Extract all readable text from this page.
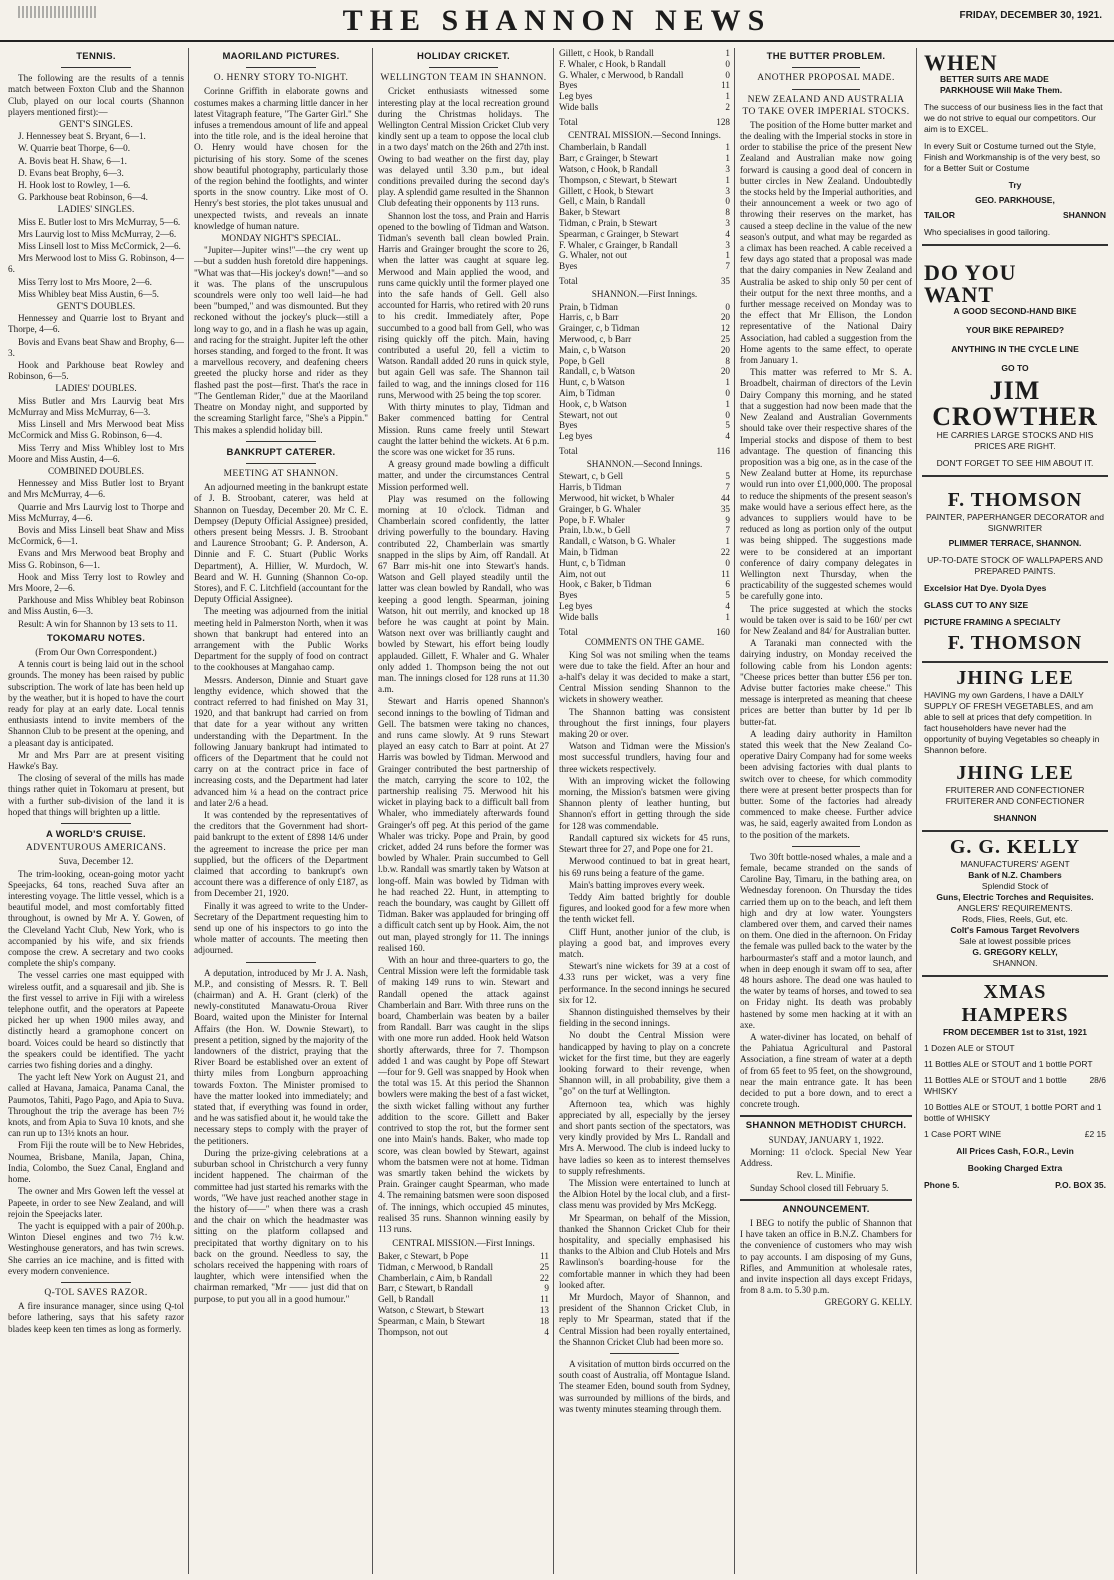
THE SHANNON NEWS	FRIDAY, DECEMBER 30, 1921.
TENNIS.

The following are the results of a tennis match between Foxton Club and the Shannon Club, played on our local courts (Shannon players mentioned first):—

GENT'S SINGLES.

J. Hennessey beat S. Bryant, 6—1.

W. Quarrie beat Thorpe, 6—0.

A. Bovis beat H. Shaw, 6—1.

D. Evans beat Brophy, 6—3.

H. Hook lost to Rowley, 1—6.

G. Parkhouse beat Robinson, 6—4.

LADIES' SINGLES.

Miss E. Butler lost to Mrs McMurray, 5—6.

Mrs Laurvig lost to Miss McMurray, 2—6.

Miss Linsell lost to Miss McCormick, 2—6.

Mrs Merwood lost to Miss G. Robinson, 4—6.

Miss Terry lost to Mrs Moore, 2—6.

Miss Whibley beat Miss Austin, 6—5.

GENT'S DOUBLES.

Hennessey and Quarrie lost to Bryant and Thorpe, 4—6.

Bovis and Evans beat Shaw and Brophy, 6—3.

Hook and Parkhouse beat Rowley and Robinson, 6—5.

LADIES' DOUBLES.

Miss Butler and Mrs Laurvig beat Mrs McMurray and Miss McMurray, 6—3.

Miss Linsell and Mrs Merwood beat Miss McCormick and Miss G. Robinson, 6—4.

Miss Terry and Miss Whibley lost to Mrs Moore and Miss Austin, 4—6.

COMBINED DOUBLES.

Hennessey and Miss Butler lost to Bryant and Mrs McMurray, 4—6.

Quarrie and Mrs Laurvig lost to Thorpe and Miss McMurray, 4—6.

Bovis and Miss Linsell beat Shaw and Miss McCormick, 6—1.

Evans and Mrs Merwood beat Brophy and Miss G. Robinson, 6—1.

Hook and Miss Terry lost to Rowley and Mrs Moore, 2—6.

Parkhouse and Miss Whibley beat Robinson and Miss Austin, 6—3.

Result: A win for Shannon by 13 sets to 11.

TOKOMARU NOTES.

(From Our Own Correspondent.)

A tennis court is being laid out in the school grounds. The money has been raised by public subscription. The work of late has been held up by the weather, but it is hoped to have the court ready for play at an early date. Local tennis enthusiasts intend to invite members of the Shannon Club to be present at the opening, and a pleasant day is anticipated.

Mr and Mrs Parr are at present visiting Hawke's Bay.

The closing of several of the mills has made things rather quiet in Tokomaru at present, but with a further sub-division of the land it is hoped that things will brighten up a little.

A WORLD'S CRUISE.
ADVENTUROUS AMERICANS.

Suva, December 12.

The trim-looking, ocean-going motor yacht Speejacks, 64 tons, reached Suva after an interesting voyage. The little vessel, which is a beautiful model, and most comfortably fitted throughout, is owned by Mr A. Y. Gowen, of the Cleveland Yacht Club, New York, who is accompanied by his wife, and six friends compose the crew. A secretary and two cooks complete the ship's company.

The vessel carries one mast equipped with wireless outfit, and a squaresail and jib. She is the first vessel to arrive in Fiji with a wireless telephone outfit, and the operators at Papeete picked her up when 1900 miles away, and distinctly heard a gramophone concert on board. Voices could be heard so distinctly that the speakers could be identified. The yacht carries two fishing dories and a dinghy.

The yacht left New York on August 21, and called at Havana, Jamaica, Panama Canal, the Paumotos, Tahiti, Pago Pago, and Apia to Suva. Throughout the trip the average has been 7½ knots, and from Apia to Suva 10 knots, and she can run up to 13½ knots an hour.

From Fiji the route will be to New Hebrides, Noumea, Brisbane, Manila, Japan, China, India, Colombo, the Suez Canal, England and home.

The owner and Mrs Gowen left the vessel at Papeete, in order to see New Zealand, and will rejoin the Speejacks later.

The yacht is equipped with a pair of 200h.p. Winton Diesel engines and two 7½ k.w. Westinghouse generators, and has twin screws. She carries an ice machine, and is fitted with every modern convenience.

Q-TOL SAVES RAZOR.

A fire insurance manager, since using Q-tol before lathering, says that his safety razor blades keep keen ten times as long as formerly.

MAORILAND PICTURES.
O. HENRY STORY TO-NIGHT.

Corinne Griffith in elaborate gowns and costumes makes a charming little dancer in her latest Vitagraph feature, "The Garter Girl." She infuses a tremendous amount of life and appeal into the title role, and is the ideal heroine that O. Henry would have chosen for the picturising of his story. Some of the scenes show beautiful photography, particularly those of the region behind the footlights, and winter sports in the snow country. Like most of O. Henry's best stories, the plot takes unusual and unexpected twists, and reveals an innate knowledge of human nature.

MONDAY NIGHT'S SPECIAL.

"Jupiter—Jupiter wins!"—the cry went up—but a sudden hush foretold dire happenings. "What was that—His jockey's down!"—and so it was. The plans of the unscrupulous scoundrels were only too well laid—he had been "bumped," and was dismounted. But they reckoned without the jockey's pluck—still a long way to go, and in a flash he was up again, and racing for the straight. Jupiter left the other horses standing, and forged to the front. It was a marvellous recovery, and deafening cheers greeted the plucky horse and rider as they flashed past the post—first. That's the race in "The Gentleman Rider," due at the Maoriland Theatre on Monday night, and supported by the screaming Starlight farce, "She's a Pippin." This makes a splendid holiday bill.

BANKRUPT CATERER.
MEETING AT SHANNON.

An adjourned meeting in the bankrupt estate of J. B. Stroobant, caterer, was held at Shannon on Tuesday, December 20. Mr C. E. Dempsey (Deputy Official Assignee) presided, others present being Messrs. J. B. Stroobant and Laurence Stroobant; G. P. Anderson, A. Dinnie and F. C. Stuart (Public Works Department), A. Hillier, W. Murdoch, W. Beard and W. H. Gunning (Shannon Co-op. Stores), and F. C. Litchfield (accountant for the Deputy Official Assignee).

The meeting was adjourned from the initial meeting held in Palmerston North, when it was shown that bankrupt had entered into an arrangement with the Public Works Department for the supply of food on contract to the cookhouses at Mangahao camp.

Messrs. Anderson, Dinnie and Stuart gave lengthy evidence, which showed that the contract referred to had finished on May 31, 1920, and that bankrupt had carried on from that date for a year without any written understanding with the Department. In the following January bankrupt had intimated to officers of the Department that he could not carry on at the contract price in face of increasing costs, and the Department had later advanced him ¼ a head on the contract price and later 2/6 a head.

It was contended by the representatives of the creditors that the Government had short-paid bankrupt to the extent of £898 14/6 under the agreement to increase the price per man supplied, but the officers of the Department claimed that according to bankrupt's own account there was a difference of only £187, as from December 21, 1920.

Finally it was agreed to write to the Under-Secretary of the Department requesting him to send up one of his inspectors to go into the whole matter of accounts. The meeting then adjourned.

A deputation, introduced by Mr J. A. Nash, M.P., and consisting of Messrs. R. T. Bell (chairman) and A. H. Grant (clerk) of the newly-constituted Manawatu-Oroua River Board, waited upon the Minister for Internal Affairs (the Hon. W. Downie Stewart), to present a petition, signed by the majority of the landowners of the district, praying that the River Board be established over an extent of thirty miles from Longburn approaching towards Foxton. The Minister promised to have the matter looked into immediately; and stated that, if everything was found in order, and he was satisfied about it, he would take the necessary steps to comply with the prayer of the petitioners.

During the prize-giving celebrations at a suburban school in Christchurch a very funny incident happened. The chairman of the committee had just started his remarks with the words, "We have just reached another stage in the history of——" when there was a crash and the chair on which the headmaster was sitting on the platform collapsed and precipitated that worthy dignitary on to his back on the ground. Needless to say, the scholars received the happening with roars of laughter, which were intensified when the chairman remarked, "Mr —— just did that on purpose, to put you all in a good humour."

HOLIDAY CRICKET.
WELLINGTON TEAM IN SHANNON.

Cricket enthusiasts witnessed some interesting play at the local recreation ground during the Christmas holidays. The Wellington Central Mission Cricket Club very kindly sent up a team to oppose the local club in a two days' match on the 26th and 27th inst. Owing to bad weather on the first day, play was delayed until 3.30 p.m., but ideal conditions prevailed during the second day's play. A splendid game resulted in the Shannon Club defeating their opponents by 113 runs.

Shannon lost the toss, and Prain and Harris opened to the bowling of Tidman and Watson. Tidman's seventh ball clean bowled Prain. Harris and Grainger brought the score to 26, when the latter was caught at square leg. Merwood and Main applied the wood, and runs came quickly until the former played one into the safe hands of Gell. Gell also accounted for Harris, who retired with 20 runs to his credit. Immediately after, Pope succumbed to a good ball from Gell, who was rising quickly off the pitch. Main, having contributed a useful 20, fell a victim to Watson. Randall added 20 runs in quick style, but again Gell was safe. The Shannon tail failed to wag, and the innings closed for 116 runs, Merwood with 25 being the top scorer.

With thirty minutes to play, Tidman and Baker commenced batting for Central Mission. Runs came freely until Stewart caught the latter behind the wickets. At 6 p.m. the score was one wicket for 35 runs.

A greasy ground made bowling a difficult matter, and under the circumstances Central Mission performed well.

Play was resumed on the following morning at 10 o'clock. Tidman and Chamberlain scored confidently, the latter driving powerfully to the boundary. Having contributed 22, Chamberlain was smartly snapped in the slips by Aim, off Randall. At 67 Barr mis-hit one into Stewart's hands. Watson and Gell played steadily until the latter was clean bowled by Randall, who was keeping a good length. Spearman, joining Watson, hit out merrily, and knocked up 18 before he was caught at point by Main. Watson next over was brilliantly caught and bowled by Stewart, his effort being loudly applauded. Gillett, F. Whaler and G. Whaler only added 1. Thompson being the not out man. The innings closed for 128 runs at 11.30 a.m.

Stewart and Harris opened Shannon's second innings to the bowling of Tidman and Gell. The batsmen were taking no chances, and runs came slowly. At 9 runs Stewart played an easy catch to Barr at point. At 27 Harris was bowled by Tidman. Merwood and Grainger contributed the best partnership of the match, carrying the score to 102, the partnership realising 75. Merwood hit his wicket in playing back to a difficult ball from Whaler, who immediately afterwards found Grainger's off peg. At this period of the game Whaler was tricky. Pope and Prain, by good cricket, added 24 runs before the former was bowled by Whaler. Prain succumbed to Gell l.b.w. Randall was smartly taken by Watson at long-off. Main was bowled by Tidman with he had reached 22. Hunt, in attempting to reach the boundary, was caught by Gillett off Tidman. Baker was applauded for bringing off a difficult catch sent up by Hook. Aim, the not out man, played strongly for 11. The innings realised 160.

With an hour and three-quarters to go, the Central Mission were left the formidable task of making 149 runs to win. Stewart and Randall opened the attack against Chamberlain and Barr. With three runs on the board, Chamberlain was beaten by a bailer from Randall. Barr was caught in the slips with one more run added. Hook held Watson shortly afterwards, three for 7. Thompson added 1 and was caught by Pope off Stewart—four for 9. Gell was snapped by Hook when the total was 15. At this period the Shannon bowlers were making the best of a fast wicket, the sixth wicket falling without any further addition to the score. Gillett and Baker contrived to stop the rot, but the former sent one into Main's hands. Baker, who made top score, was clean bowled by Stewart, against whom the batsmen were not at home. Tidman was smartly taken behind the wickets by Prain. Grainger caught Spearman, who made 4. The remaining batsmen were soon disposed of. The innings, which occupied 45 minutes, realised 35 runs. Shannon winning easily by 113 runs.

CENTRAL MISSION.—First Innings.	
Baker, c Stewart, b Pope	11
Tidman, c Merwood, b Randall	25
Chamberlain, c Aim, b Randall	22
Barr, c Stewart, b Randall	9
Gell, b Randall	11
Watson, c Stewart, b Stewart	13
Spearman, c Main, b Stewart	18
Thompson, not out	4
Gillett, c Hook, b Randall	1
F. Whaler, c Hook, b Randall	0
G. Whaler, c Merwood, b Randall	0
Byes	11
Leg byes	1
Wide balls	2
Total	128
CENTRAL MISSION.—Second Innings.	
Chamberlain, b Randall	1
Barr, c Grainger, b Stewart	1
Watson, c Hook, b Randall	3
Thompson, c Stewart, b Stewart	1
Gillett, c Hook, b Stewart	3
Gell, c Main, b Randall	0
Baker, b Stewart	8
Tidman, c Prain, b Stewart	3
Spearman, c Grainger, b Stewart	4
F. Whaler, c Grainger, b Randall	3
G. Whaler, not out	1
Byes	7
Total	35
SHANNON.—First Innings.	
Prain, b Tidman	0
Harris, c, b Barr	20
Grainger, c, b Tidman	12
Merwood, c, b Barr	25
Main, c, b Watson	20
Pope, b Gell	8
Randall, c, b Watson	20
Hunt, c, b Watson	1
Aim, b Tidman	0
Hook, c, b Watson	1
Stewart, not out	0
Byes	5
Leg byes	4
Total	116
SHANNON.—Second Innings.	
Stewart, c, b Gell	5
Harris, b Tidman	7
Merwood, hit wicket, b Whaler	44
Grainger, b G. Whaler	35
Pope, b F. Whaler	9
Prain, l.b.w., b Gell	7
Randall, c Watson, b G. Whaler	1
Main, b Tidman	22
Hunt, c, b Tidman	0
Aim, not out	11
Hook, c Baker, b Tidman	6
Byes	5
Leg byes	4
Wide balls	1
Total	160

COMMENTS ON THE GAME.

King Sol was not smiling when the teams were due to take the field. After an hour and a-half's delay it was decided to make a start, Central Mission sending Shannon to the wickets in showery weather.

The Shannon batting was consistent throughout the first innings, four players making 20 or over.

Watson and Tidman were the Mission's most successful trundlers, having four and three wickets respectively.

With an improving wicket the following morning, the Mission's batsmen were giving Shannon plenty of leather hunting, but Shannon's effort in getting through the side for 128 was commendable.

Randall captured six wickets for 45 runs, Stewart three for 27, and Pope one for 21.

Merwood continued to bat in great heart, his 69 runs being a feature of the game.

Main's batting improves every week.

Teddy Aim batted brightly for double figures, and looked good for a few more when the tenth wicket fell.

Cliff Hunt, another junior of the club, is playing a good bat, and improves every match.

Stewart's nine wickets for 39 at a cost of 4.33 runs per wicket, was a very fine performance. In the second innings he secured six for 12.

Shannon distinguished themselves by their fielding in the second innings.

No doubt the Central Mission were handicapped by having to play on a concrete wicket for the first time, but they are eagerly looking forward to their revenge, when Shannon will, in all probability, give them a "go" on the turf at Wellington.

Afternoon tea, which was highly appreciated by all, especially by the jersey and short pants section of the spectators, was very kindly provided by Mrs L. Randall and Mrs A. Merwood. The club is indeed lucky to have ladies so keen as to interest themselves to supply refreshments.

The Mission were entertained to lunch at the Albion Hotel by the local club, and a first-class menu was provided by Mrs McKegg.

Mr Spearman, on behalf of the Mission, thanked the Shannon Cricket Club for their hospitality, and specially emphasised his thanks to the Albion and Club Hotels and Mrs Rawlinson's boarding-house for the comfortable manner in which they had been looked after.

Mr Murdoch, Mayor of Shannon, and president of the Shannon Cricket Club, in reply to Mr Spearman, stated that if the Central Mission had been royally entertained, the Shannon Cricket Club had been more so.

A visitation of mutton birds occurred on the south coast of Australia, off Montague Island. The steamer Eden, bound south from Sydney, was surrounded by millions of the birds, and was twenty minutes steaming through them.

THE BUTTER PROBLEM.
ANOTHER PROPOSAL MADE.
NEW ZEALAND AND AUSTRALIA TO TAKE OVER IMPERIAL STOCKS.

The position of the Home butter market and the dealing with the Imperial stocks in store in order to stabilise the price of the present New Zealand and Australian make now going forward is causing a good deal of concern in butter circles in New Zealand. Undoubtedly the stocks held by the Imperial authorities, and their announcement a week or two ago of throwing their reserves on the market, has caused a steep decline in the value of the new season's output, and what may be regarded as a climax has been reached. A cable received a few days ago stated that a proposal was made that the dairy companies in New Zealand and Australia be asked to ship only 50 per cent of their output for the next three months, and a further message received on Monday was to the effect that Mr Ellison, the London representative of the National Dairy Association, had cabled a suggestion from the Home agents to the same effect, to operate from January 1.

This matter was referred to Mr S. A. Broadbelt, chairman of directors of the Levin Dairy Company this morning, and he stated that a suggestion had now been made that the New Zealand and Australian Governments should take over their respective shares of the Imperial stocks and dispose of them to best advantage. The question of financing this proposition was a big one, as in the case of the New Zealand butter at Home, its repurchase would run into over £1,000,000. The proposal to reduce the shipments of the present season's make would have a serious effect here, as the advances to suppliers would have to be reduced as long as portion only of the output was being shipped. The suggestions made were to be considered at an important conference of dairy company delegates in Wellington next Thursday, when the practicability of the suggested schemes would be carefully gone into.

The price suggested at which the stocks would be taken over is said to be 160/ per cwt for New Zealand and 84/ for Australian butter.

A Taranaki man connected with the dairying industry, on Monday received the following cable from his London agents: "Cheese prices better than butter £56 per ton. Advise butter factories make cheese." This message is interpreted as meaning that cheese prices are better than butter by 1d per lb butter-fat.

A leading dairy authority in Hamilton stated this week that the New Zealand Co-operative Dairy Company had for some weeks been advising factories with dual plants to switch over to cheese, for which commodity there were at present better prospects than for butter. Some of the factories had already commenced to make cheese. Further advice was, he said, eagerly awaited from London as to the position of the markets.

Two 30ft bottle-nosed whales, a male and a female, became stranded on the sands of Caroline Bay, Timaru, in the bathing area, on Wednesday forenoon. On Thursday the tides carried them up on to the beach, and left them high and dry at low water. Youngsters clambered over them, and carved their names on them. One died in the afternoon. On Friday the female was pulled back to the water by the harbourmaster's staff and a motor launch, and when in deep enough it swam off to sea, after 48 hours ashore. The dead one was hauled to the water by teams of horses, and towed to sea on Friday night. Its death was probably hastened by some men hacking at it with an axe.

A water-diviner has located, on behalf of the Pahiatua Agricultural and Pastoral Association, a fine stream of water at a depth of from 65 feet to 95 feet, on the showground, near the main entrance gate. It has been decided to put a bore down, and to erect a concrete trough.

SHANNON METHODIST CHURCH.

SUNDAY, JANUARY 1, 1922.

Morning: 11 o'clock. Special New Year Address.

Rev. L. Minifie.

Sunday School closed till February 5.

ANNOUNCEMENT.

I BEG to notify the public of Shannon that I have taken an office in B.N.Z. Chambers for the convenience of customers who may wish to pay accounts. I am disposing of my Guns, Rifles, and Ammunition at wholesale rates, and invite inspection all days except Fridays, from 8 a.m. to 5.30 p.m.

GREGORY G. KELLY.

WHEN
BETTER SUITS ARE MADE
PARKHOUSE Will Make Them.
The success of our business lies in the fact that we do not strive to equal our competitors. Our aim is to EXCEL.
In every Suit or Costume turned out the Style, Finish and Workmanship is of the very best, so for a Better Suit or Costume
Try
GEO. PARKHOUSE,
TAILOR	SHANNON
Who specialises in good tailoring.
DO YOU
WANT
A GOOD SECOND-HAND BIKE
YOUR BIKE REPAIRED?
ANYTHING IN THE CYCLE LINE
GO TO
JIM
CROWTHER
HE CARRIES LARGE STOCKS AND HIS PRICES ARE RIGHT.
DON'T FORGET TO SEE HIM ABOUT IT.
F. THOMSON
PAINTER, PAPERHANGER DECORATOR and SIGNWRITER
PLIMMER TERRACE, SHANNON.
UP-TO-DATE STOCK OF WALLPAPERS AND PREPARED PAINTS.
Excelsior Hat Dye. Dyola Dyes
GLASS CUT TO ANY SIZE
PICTURE FRAMING A SPECIALTY
F. THOMSON
JHING LEE
HAVING my own Gardens, I have a DAILY SUPPLY OF FRESH VEGETABLES, and am able to sell at prices that defy competition. In fact householders have never had the opportunity of buying Vegetables so cheaply in Shannon before.
JHING LEE
FRUITERER AND CONFECTIONER
FRUITERER AND CONFECTIONER
SHANNON
G. G. KELLY
MANUFACTURERS' AGENT
Bank of N.Z. Chambers
Splendid Stock of
Guns, Electric Torches and Requisites.
ANGLERS' REQUIREMENTS.
Rods, Flies, Reels, Gut, etc.
Colt's Famous Target Revolvers
Sale at lowest possible prices
G. GREGORY KELLY,
SHANNON.
XMAS
HAMPERS
FROM DECEMBER 1st to 31st, 1921
1 Dozen ALE or STOUT
11 Bottles ALE or STOUT and 1 bottle PORT
11 Bottles ALE or STOUT and 1 bottle WHISKY
28/6
10 Bottles ALE or STOUT, 1 bottle PORT and 1 bottle of WHISKY
1 Case PORT WINE	£2 15
All Prices Cash, F.O.R., Levin
Booking Charged Extra
Phone 5.	P.O. BOX 35.
